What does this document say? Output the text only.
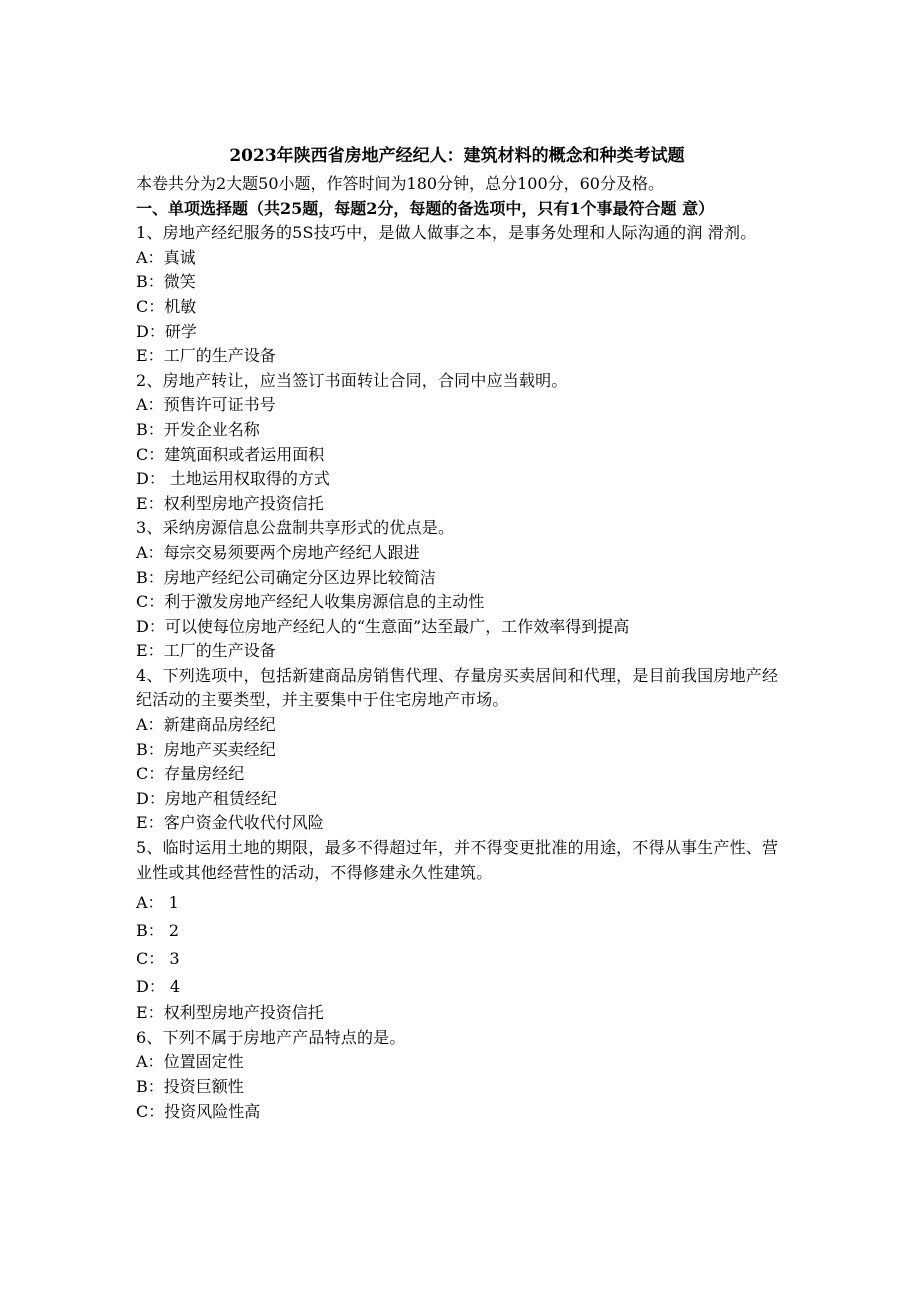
2023年陕西省房地产经纪人：建筑材料的概念和种类考试题
本卷共分为2大题50小题，作答时间为180分钟，总分100分，60分及格。
一、单项选择题（共25题，每题2分，每题的备选项中，只有1个事最符合题 意）
1、房地产经纪服务的5S技巧中，是做人做事之本，是事务处理和人际沟通的润 滑剂。
A：真诚
B：微笑
C：机敏
D：研学
E：工厂的生产设备
2、房地产转让，应当签订书面转让合同，合同中应当载明。
A：预售许可证书号
B：开发企业名称
C：建筑面积或者运用面积
D： 土地运用权取得的方式
E：权利型房地产投资信托
3、采纳房源信息公盘制共享形式的优点是。
A：每宗交易须要两个房地产经纪人跟进
B：房地产经纪公司确定分区边界比较简洁
C：利于激发房地产经纪人收集房源信息的主动性
D：可以使每位房地产经纪人的“生意面”达至最广，工作效率得到提高
E：工厂的生产设备
4、下列选项中，包括新建商品房销售代理、存量房买卖居间和代理，是目前我国房地产经纪活动的主要类型，并主要集中于住宅房地产市场。
A：新建商品房经纪
B：房地产买卖经纪
C：存量房经纪
D：房地产租赁经纪
E：客户资金代收代付风险
5、临时运用土地的期限，最多不得超过年，并不得变更批准的用途，不得从事生产性、营业性或其他经营性的活动，不得修建永久性建筑。
A： 1
B： 2
C： 3
D： 4
E：权利型房地产投资信托
6、下列不属于房地产产品特点的是。
A：位置固定性
B：投资巨额性
C：投资风险性高
